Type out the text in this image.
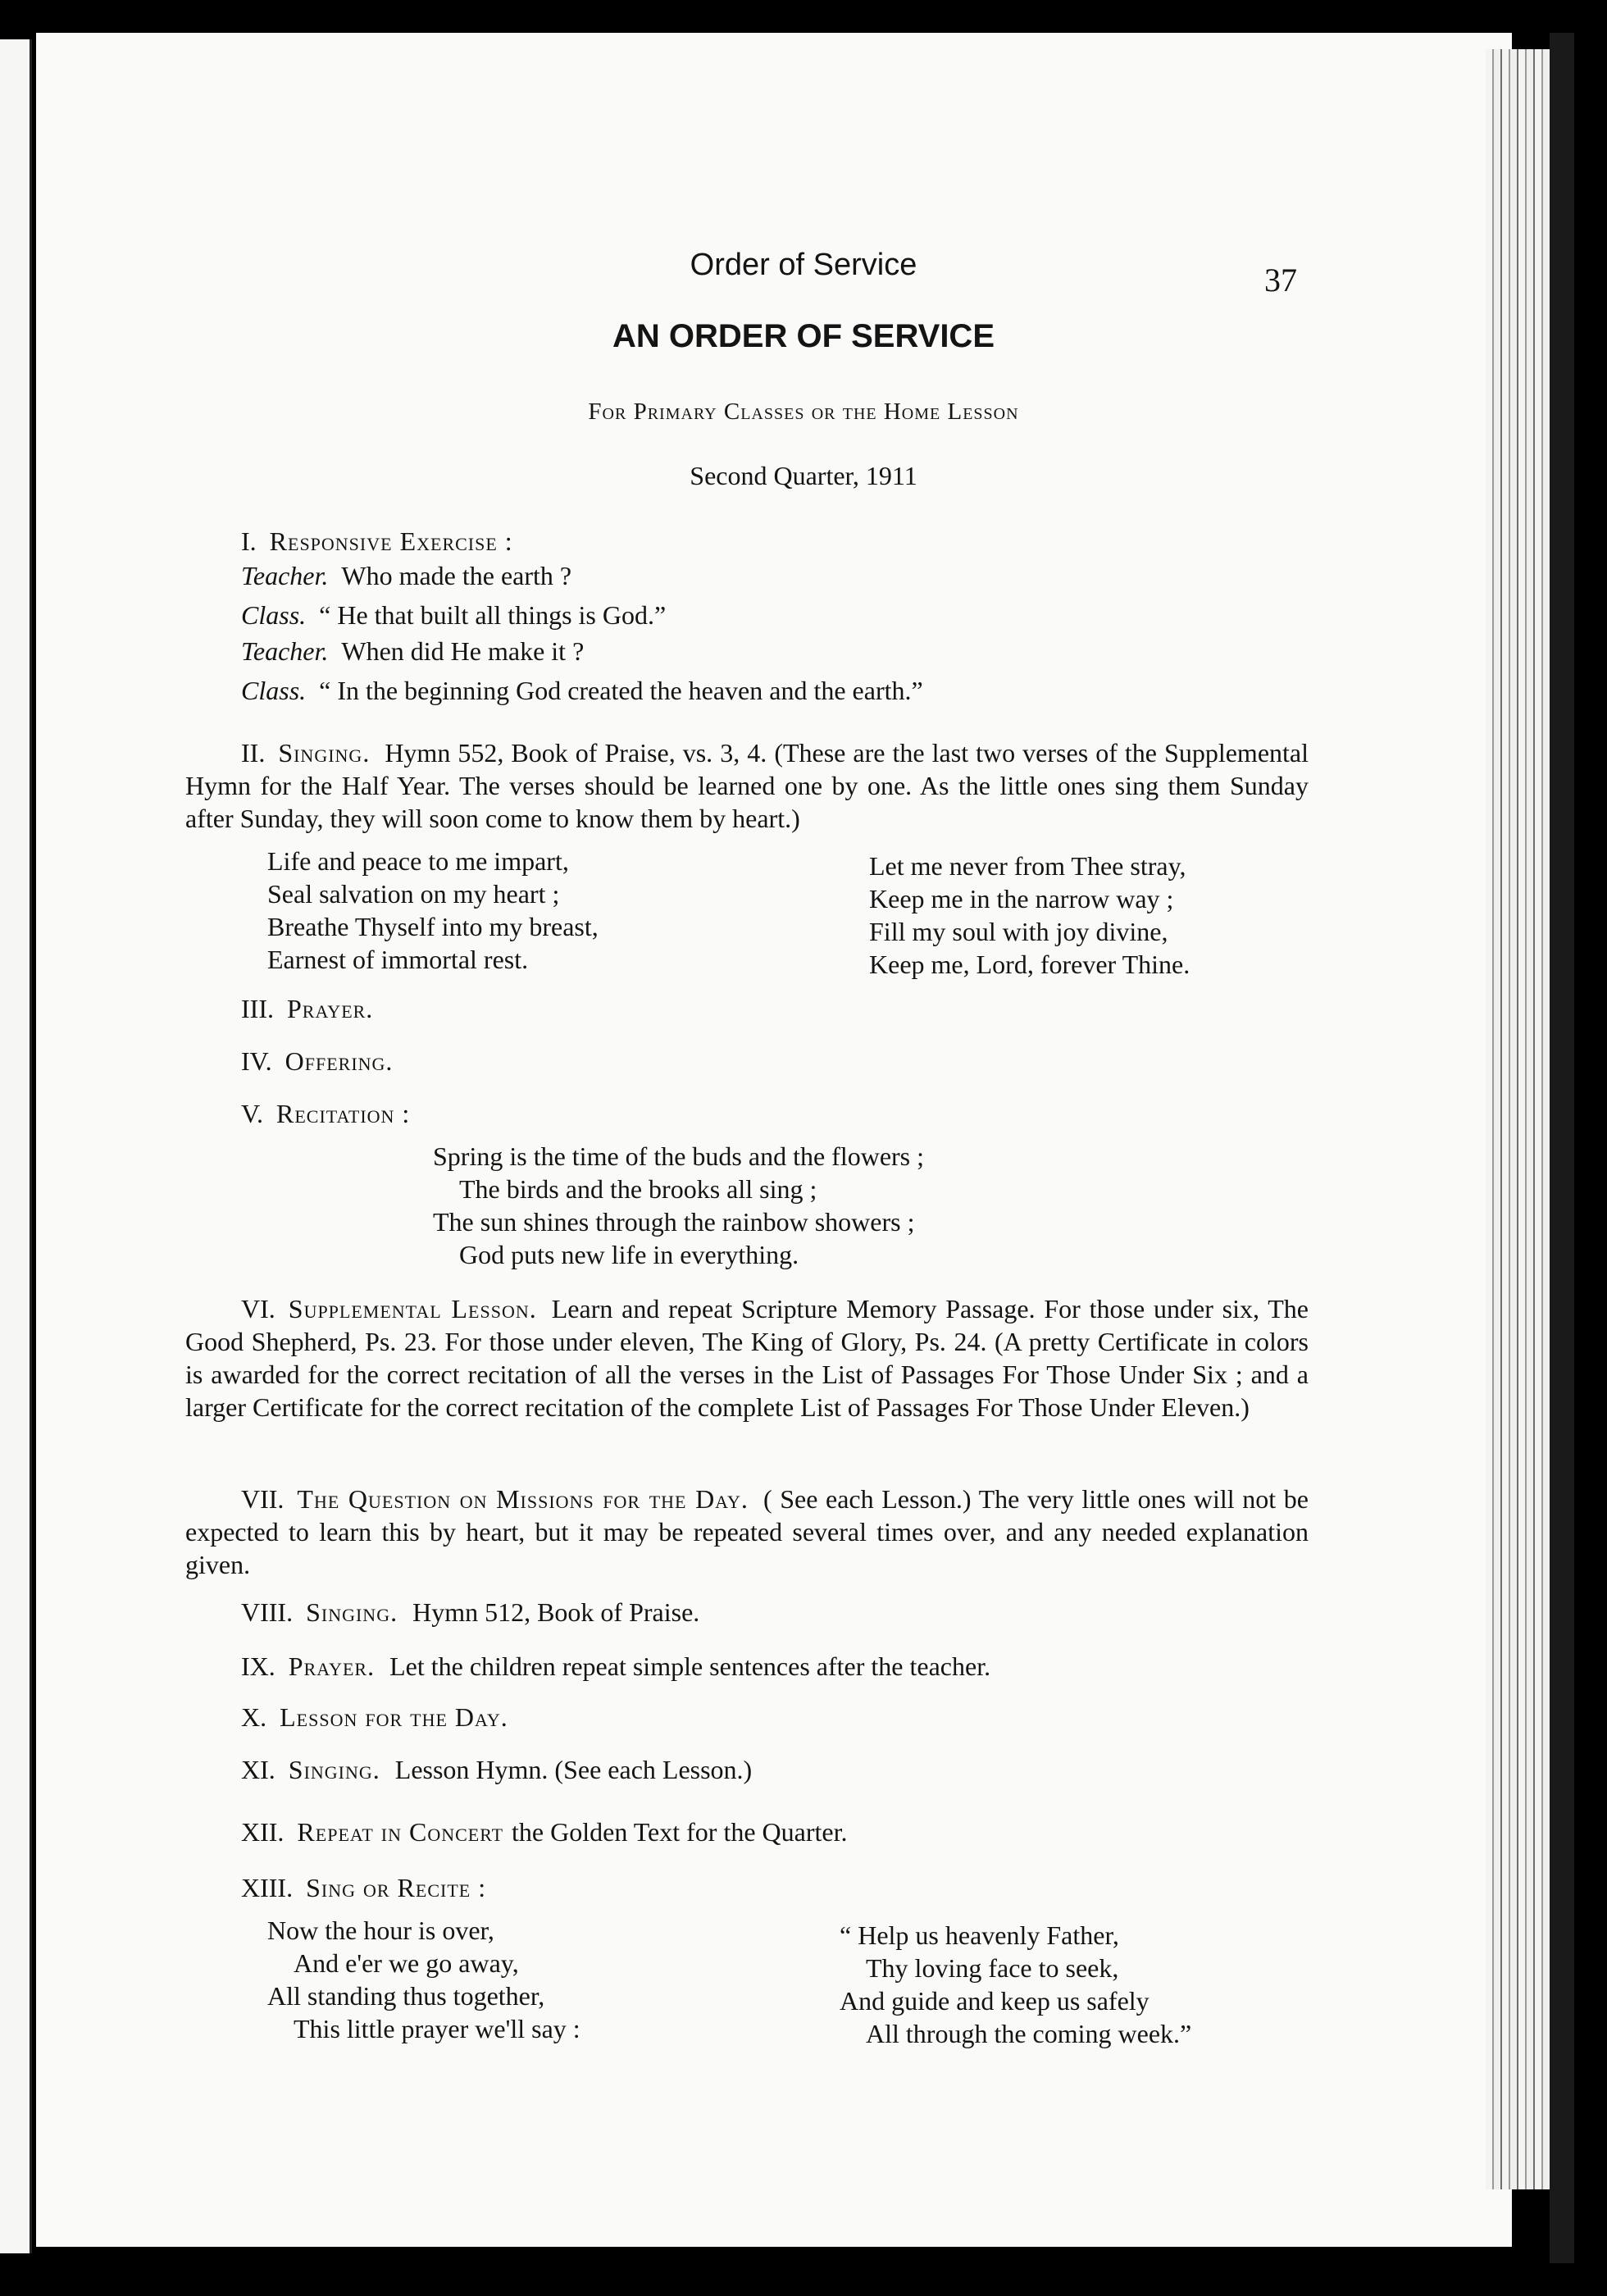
Order of Service	37
AN ORDER OF SERVICE
For Primary Classes or the Home Lesson
Second Quarter, 1911
I. Responsive Exercise :
Teacher. Who made the earth ?
Class. “ He that built all things is God.”
Teacher. When did He make it ?
Class. “ In the beginning God created the heaven and the earth.”
II. Singing. Hymn 552, Book of Praise, vs. 3, 4. (These are the last two verses of the Supplemental Hymn for the Half Year. The verses should be learned one by one. As the little ones sing them Sunday after Sunday, they will soon come to know them by heart.)
Life and peace to me impart,
Seal salvation on my heart ;
Breathe Thyself into my breast,
Earnest of immortal rest.
Let me never from Thee stray,
Keep me in the narrow way ;
Fill my soul with joy divine,
Keep me, Lord, forever Thine.
III. Prayer.
IV. Offering.
V. Recitation :
Spring is the time of the buds and the flowers ;
The birds and the brooks all sing ;
The sun shines through the rainbow showers ;
God puts new life in everything.
VI. Supplemental Lesson. Learn and repeat Scripture Memory Passage. For those under six, The Good Shepherd, Ps. 23. For those under eleven, The King of Glory, Ps. 24. (A pretty Certificate in colors is awarded for the correct recitation of all the verses in the List of Passages For Those Under Six ; and a larger Certificate for the correct recitation of the complete List of Passages For Those Under Eleven.)
VII. The Question on Missions for the Day. ( See each Lesson.) The very little ones will not be expected to learn this by heart, but it may be repeated several times over, and any needed explanation given.
VIII. Singing. Hymn 512, Book of Praise.
IX. Prayer. Let the children repeat simple sentences after the teacher.
X. Lesson for the Day.
XI. Singing. Lesson Hymn. (See each Lesson.)
XII. Repeat in Concert the Golden Text for the Quarter.
XIII. Sing or Recite :
Now the hour is over,
And e'er we go away,
All standing thus together,
This little prayer we'll say :
“ Help us heavenly Father,
Thy loving face to seek,
And guide and keep us safely
All through the coming week.”
